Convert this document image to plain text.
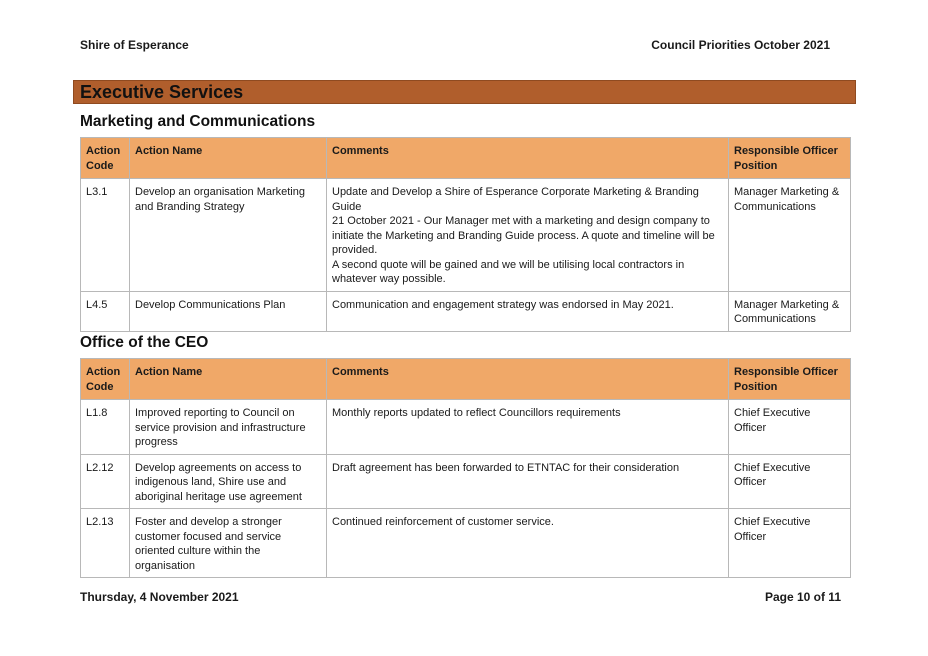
Shire of Esperance	Council Priorities October 2021
Executive Services
Marketing and Communications
Action Code	Action Name	Comments	Responsible Officer Position
L3.1	Develop an organisation Marketing and Branding Strategy	Update and Develop a Shire of Esperance Corporate Marketing & Branding Guide
21 October 2021 - Our Manager met with a marketing and design company to initiate the Marketing and Branding Guide process. A quote and timeline will be provided.
A second quote will be gained and we will be utilising local contractors in whatever way possible.	Manager Marketing & Communications
L4.5	Develop Communications Plan	Communication and engagement strategy was endorsed in May 2021.	Manager Marketing & Communications
Office of the CEO
Action Code	Action Name	Comments	Responsible Officer Position
L1.8	Improved reporting to Council on service provision and infrastructure progress	Monthly reports updated to reflect Councillors requirements	Chief Executive Officer
L2.12	Develop agreements on access to indigenous land, Shire use and aboriginal heritage use agreement	Draft agreement has been forwarded to ETNTAC for their consideration	Chief Executive Officer
L2.13	Foster and develop a stronger customer focused and service oriented culture within the organisation	Continued reinforcement of customer service.	Chief Executive Officer
Thursday, 4 November 2021	Page 10 of 11
